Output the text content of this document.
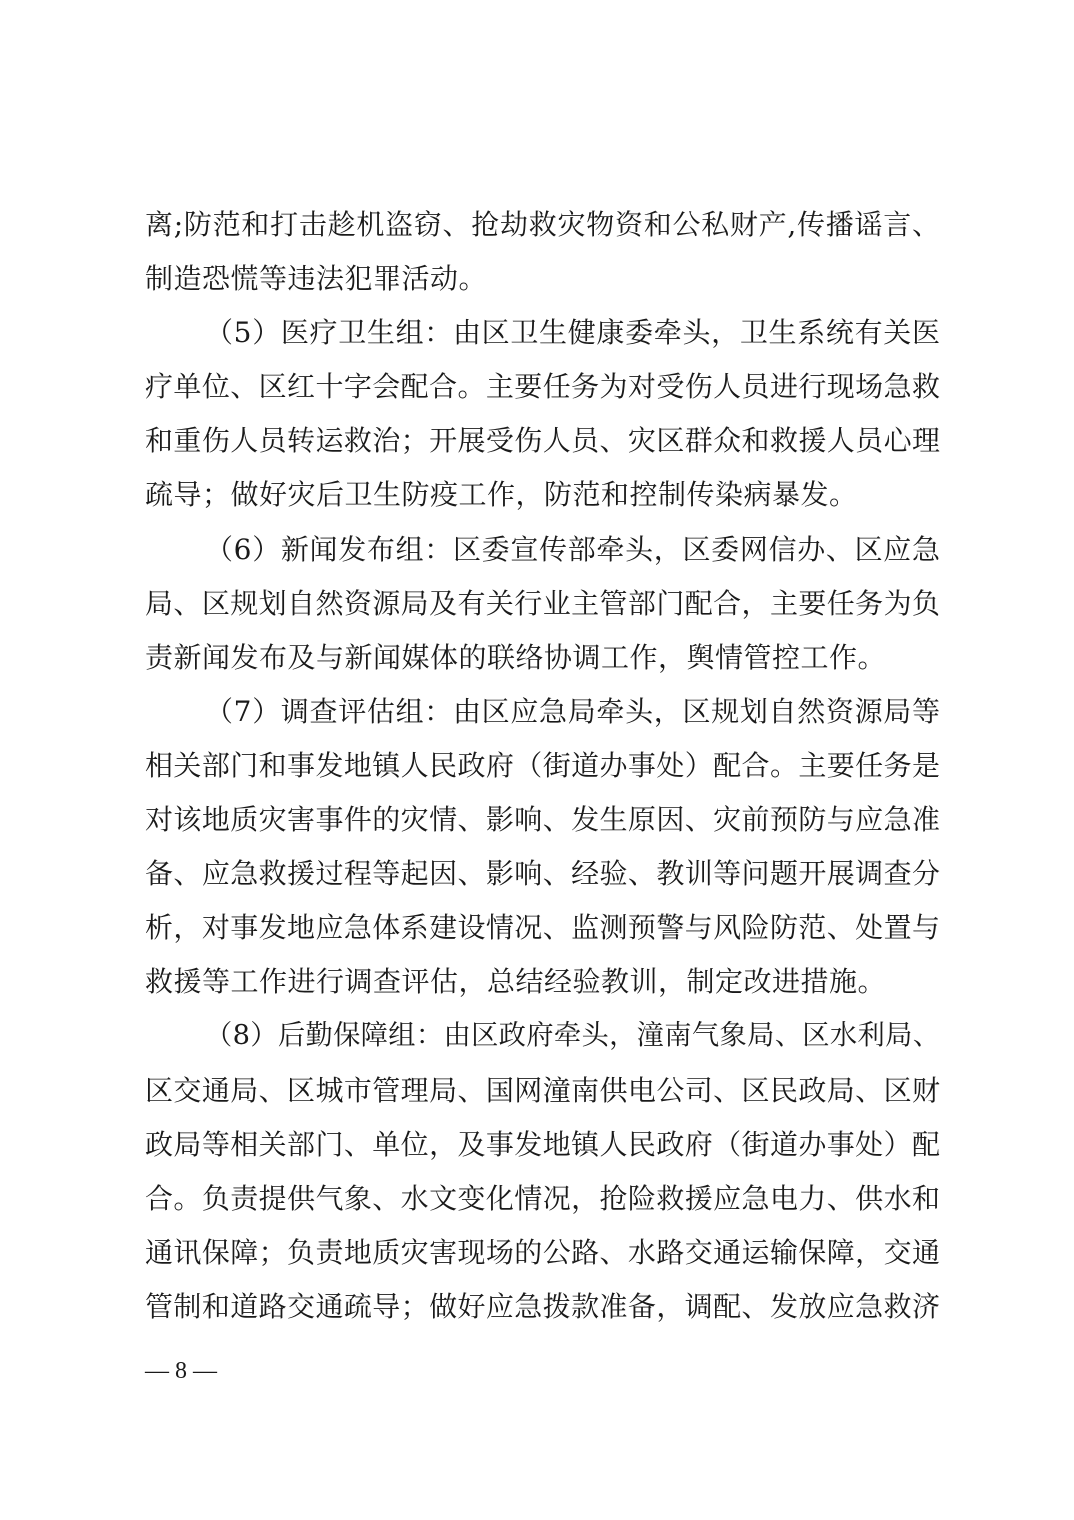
离;防范和打击趁机盗窃、抢劫救灾物资和公私财产,传播谣言、
制造恐慌等违法犯罪活动。
（5）医疗卫生组：由区卫生健康委牵头，卫生系统有关医
疗单位、区红十字会配合。主要任务为对受伤人员进行现场急救
和重伤人员转运救治；开展受伤人员、灾区群众和救援人员心理
疏导；做好灾后卫生防疫工作，防范和控制传染病暴发。
（6）新闻发布组：区委宣传部牵头，区委网信办、区应急
局、区规划自然资源局及有关行业主管部门配合，主要任务为负
责新闻发布及与新闻媒体的联络协调工作，舆情管控工作。
（7）调查评估组：由区应急局牵头，区规划自然资源局等
相关部门和事发地镇人民政府（街道办事处）配合。主要任务是
对该地质灾害事件的灾情、影响、发生原因、灾前预防与应急准
备、应急救援过程等起因、影响、经验、教训等问题开展调查分
析，对事发地应急体系建设情况、监测预警与风险防范、处置与
救援等工作进行调查评估，总结经验教训，制定改进措施。
（8）后勤保障组：由区政府牵头，潼南气象局、区水利局、
区交通局、区城市管理局、国网潼南供电公司、区民政局、区财
政局等相关部门、单位，及事发地镇人民政府（街道办事处）配
合。负责提供气象、水文变化情况，抢险救援应急电力、供水和
通讯保障；负责地质灾害现场的公路、水路交通运输保障，交通
管制和道路交通疏导；做好应急拨款准备，调配、发放应急救济
— 8 —
